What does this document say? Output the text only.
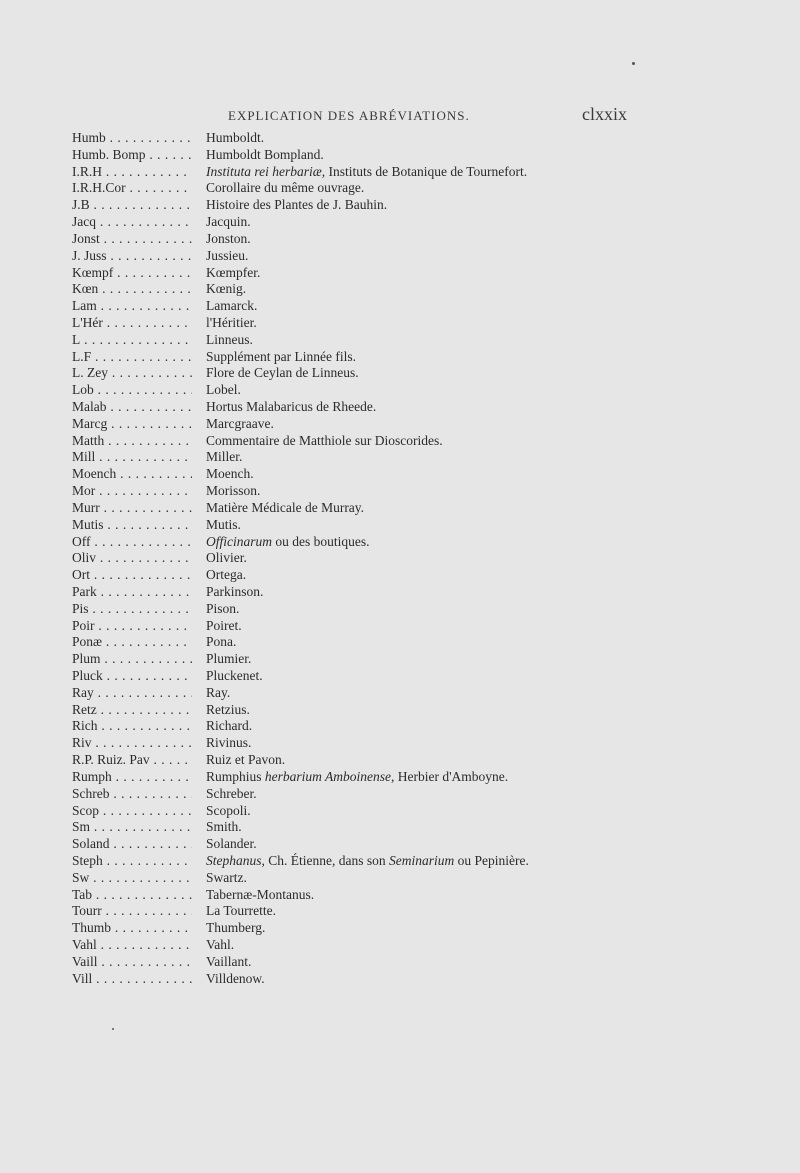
EXPLICATION DES ABRÉVIATIONS.	clxxix
Humb . . .	Humboldt.
Humb. Bomp . . .	Humboldt Bompland.
I.R.H . . .	Instituta rei herbariæ, Instituts de Botanique de Tournefort.
I.R.H.Cor . . .	Corollaire du même ouvrage.
J.B . . .	Histoire des Plantes de J. Bauhin.
Jacq . . .	Jacquin.
Jonst . . .	Jonston.
J. Juss . . .	Jussieu.
Kœmpf . . .	Kœmpfer.
Kœn . . .	Kœnig.
Lam . . .	Lamarck.
L'Hér . . .	l'Héritier.
L . . .	Linneus.
L.F . . .	Supplément par Linnée fils.
L. Zey . . .	Flore de Ceylan de Linneus.
Lob . . .	Lobel.
Malab . . .	Hortus Malabaricus de Rheede.
Marcg . . .	Marcgraave.
Matth . . .	Commentaire de Matthiole sur Dioscorides.
Mill . . .	Miller.
Moench . . .	Moench.
Mor . . .	Morisson.
Murr . . .	Matière Médicale de Murray.
Mutis . . .	Mutis.
Off . . .	Officinarum ou des boutiques.
Oliv . . .	Olivier.
Ort . . .	Ortega.
Park . . .	Parkinson.
Pis . . .	Pison.
Poir . . .	Poiret.
Ponæ . . .	Pona.
Plum . . .	Plumier.
Pluck . . .	Pluckenet.
Ray . . .	Ray.
Retz . . .	Retzius.
Rich . . .	Richard.
Riv . . .	Rivinus.
R.P. Ruiz. Pav . . .	Ruiz et Pavon.
Rumph . . .	Rumphius herbarium Amboinense, Herbier d'Amboyne.
Schreb . . .	Schreber.
Scop . . .	Scopoli.
Sm . . .	Smith.
Soland . . .	Solander.
Steph . . .	Stephanus, Ch. Étienne, dans son Seminarium ou Pepinière.
Sw . . .	Swartz.
Tab . . .	Tabernæ-Montanus.
Tourr . . .	La Tourrette.
Thumb . . .	Thumberg.
Vahl . . .	Vahl.
Vaill . . .	Vaillant.
Vill . . .	Villdenow.
